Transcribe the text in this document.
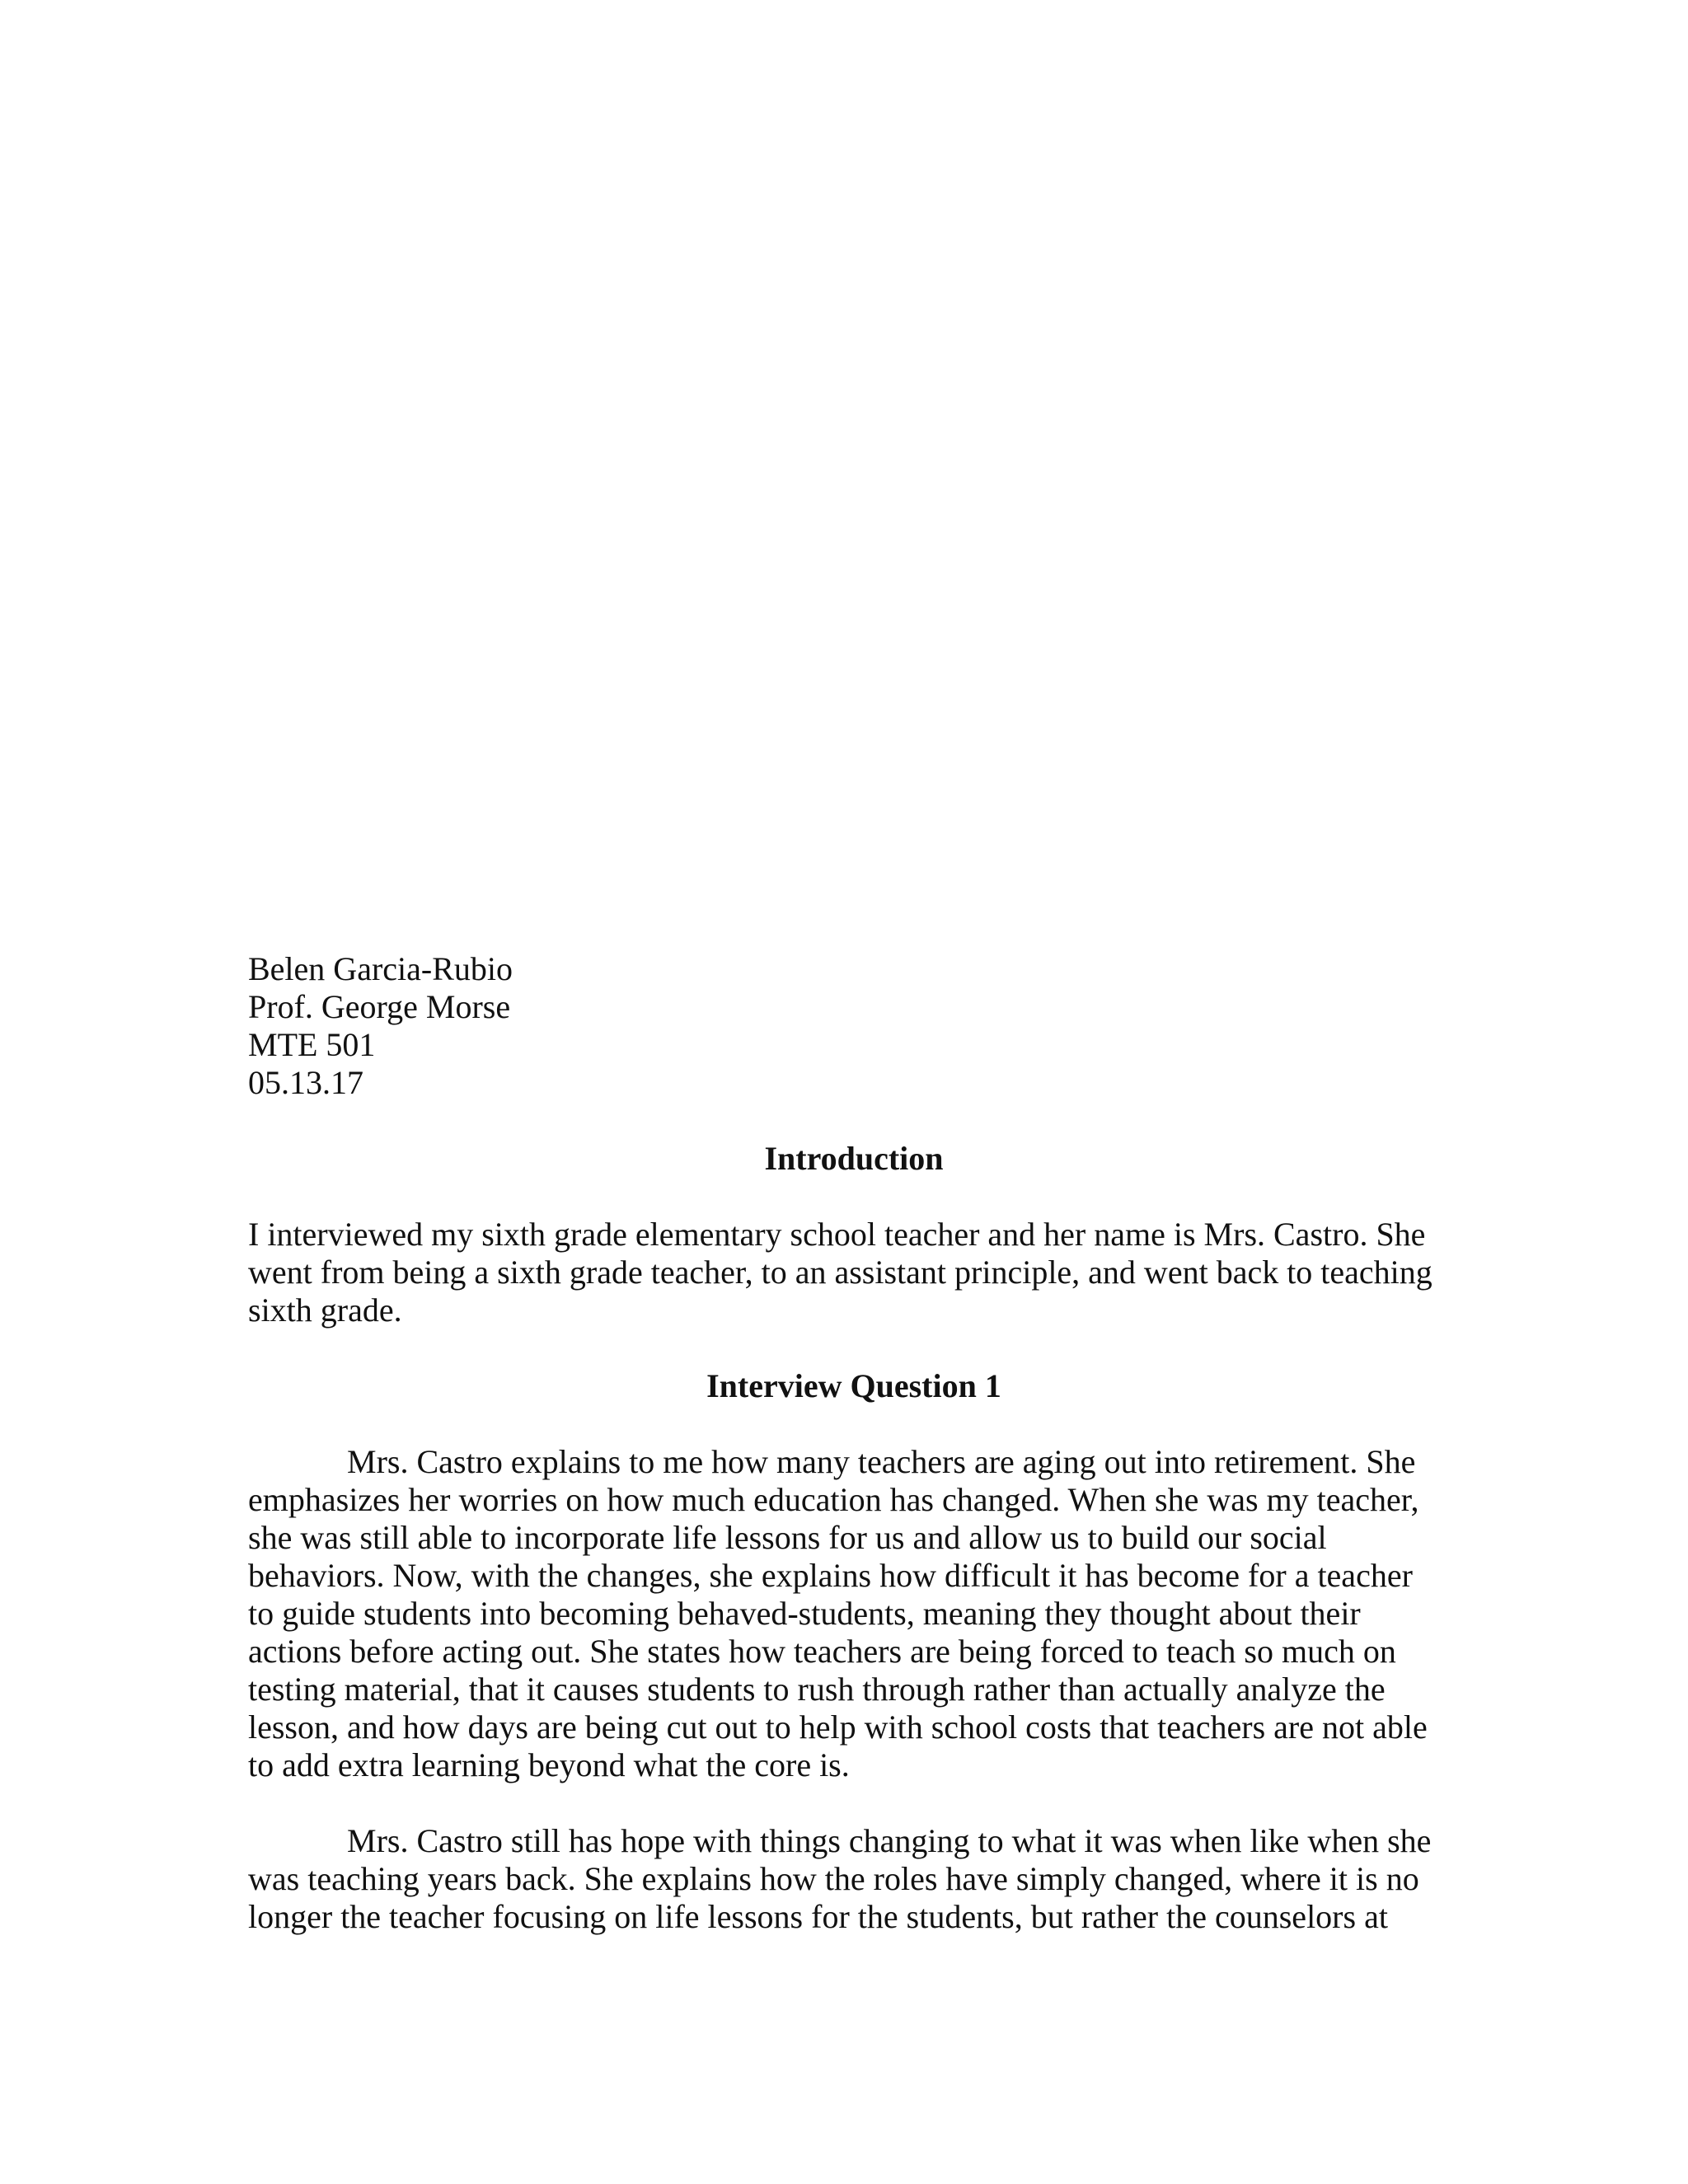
Belen Garcia-Rubio
Prof. George Morse
MTE 501
05.13.17
Introduction

I interviewed my sixth grade elementary school teacher and her name is Mrs. Castro. She
went from being a sixth grade teacher, to an assistant principle, and went back to teaching
sixth grade.

Interview Question 1

Mrs. Castro explains to me how many teachers are aging out into retirement. She
emphasizes her worries on how much education has changed. When she was my teacher,
she was still able to incorporate life lessons for us and allow us to build our social
behaviors. Now, with the changes, she explains how difficult it has become for a teacher
to guide students into becoming behaved-students, meaning they thought about their
actions before acting out. She states how teachers are being forced to teach so much on
testing material, that it causes students to rush through rather than actually analyze the
lesson, and how days are being cut out to help with school costs that teachers are not able
to add extra learning beyond what the core is.

Mrs. Castro still has hope with things changing to what it was when like when she
was teaching years back. She explains how the roles have simply changed, where it is no
longer the teacher focusing on life lessons for the students, but rather the counselors at
